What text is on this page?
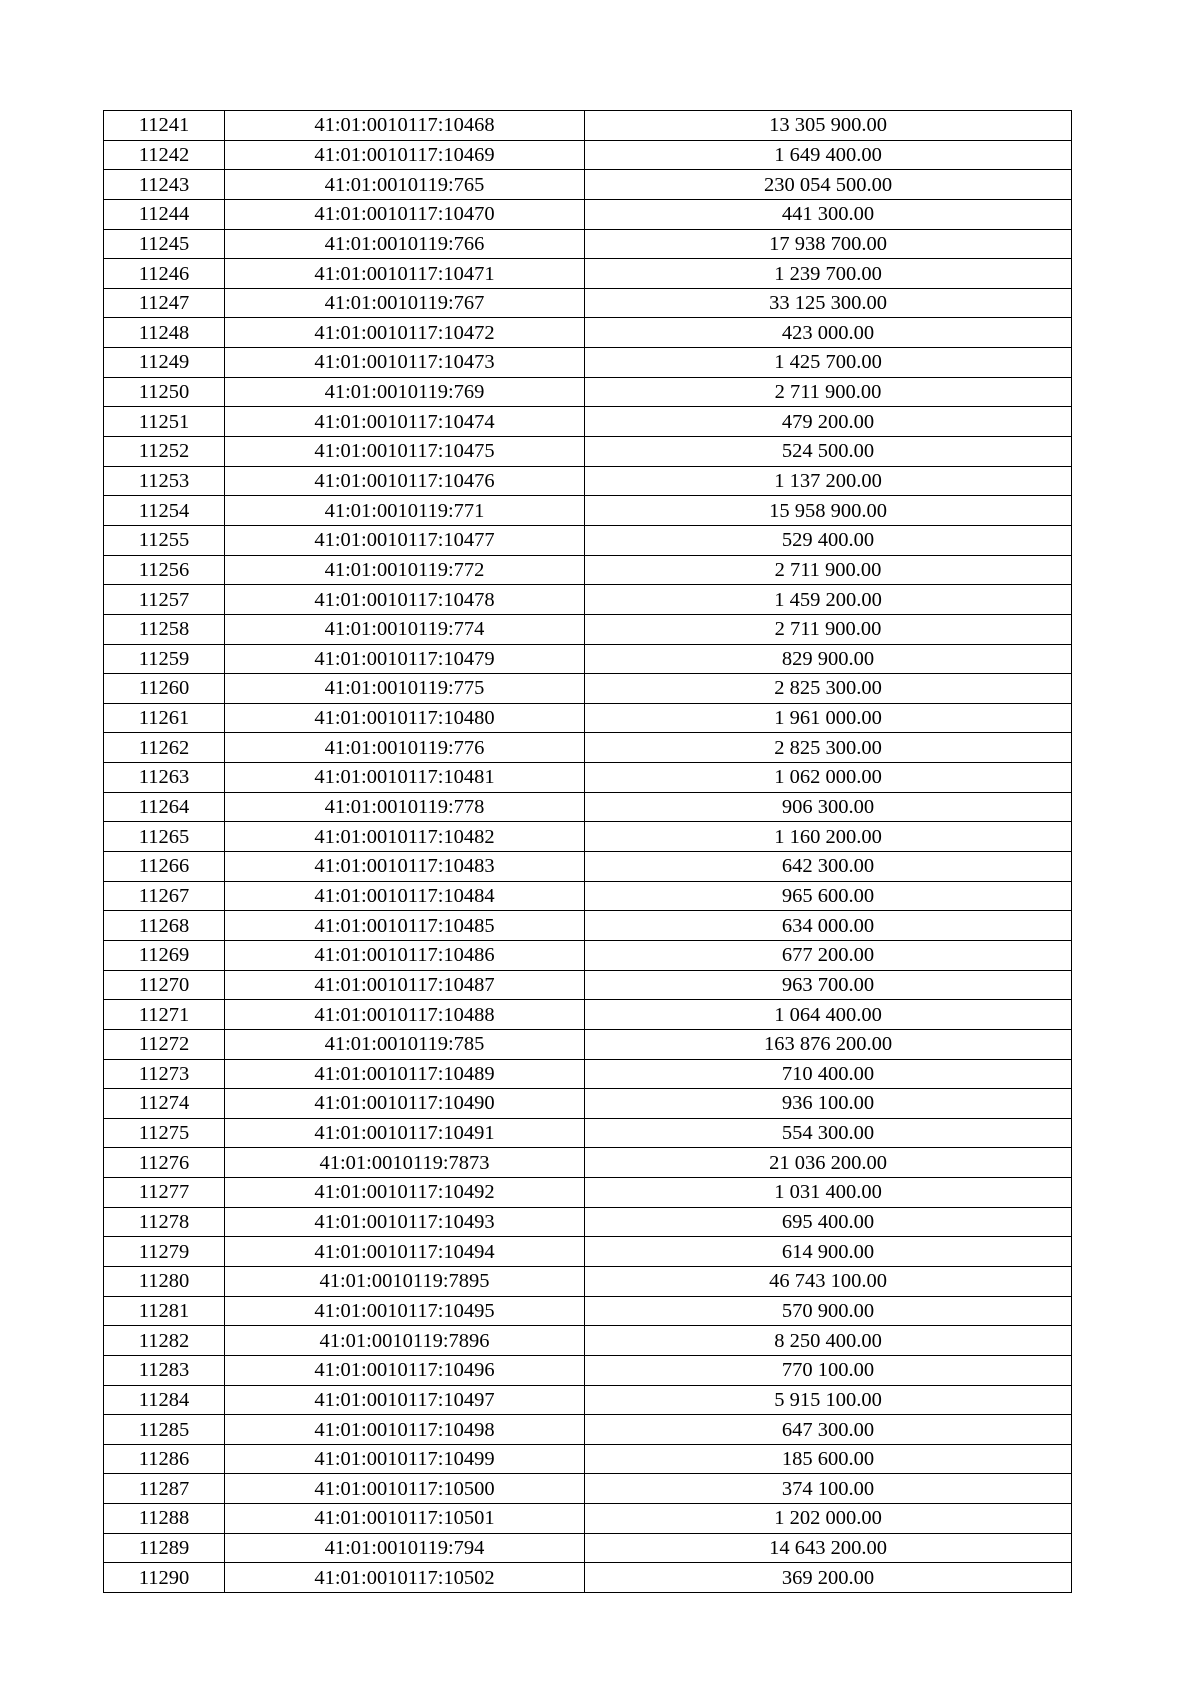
11241	41:01:0010117:10468	13 305 900.00
11242	41:01:0010117:10469	1 649 400.00
11243	41:01:0010119:765	230 054 500.00
11244	41:01:0010117:10470	441 300.00
11245	41:01:0010119:766	17 938 700.00
11246	41:01:0010117:10471	1 239 700.00
11247	41:01:0010119:767	33 125 300.00
11248	41:01:0010117:10472	423 000.00
11249	41:01:0010117:10473	1 425 700.00
11250	41:01:0010119:769	2 711 900.00
11251	41:01:0010117:10474	479 200.00
11252	41:01:0010117:10475	524 500.00
11253	41:01:0010117:10476	1 137 200.00
11254	41:01:0010119:771	15 958 900.00
11255	41:01:0010117:10477	529 400.00
11256	41:01:0010119:772	2 711 900.00
11257	41:01:0010117:10478	1 459 200.00
11258	41:01:0010119:774	2 711 900.00
11259	41:01:0010117:10479	829 900.00
11260	41:01:0010119:775	2 825 300.00
11261	41:01:0010117:10480	1 961 000.00
11262	41:01:0010119:776	2 825 300.00
11263	41:01:0010117:10481	1 062 000.00
11264	41:01:0010119:778	906 300.00
11265	41:01:0010117:10482	1 160 200.00
11266	41:01:0010117:10483	642 300.00
11267	41:01:0010117:10484	965 600.00
11268	41:01:0010117:10485	634 000.00
11269	41:01:0010117:10486	677 200.00
11270	41:01:0010117:10487	963 700.00
11271	41:01:0010117:10488	1 064 400.00
11272	41:01:0010119:785	163 876 200.00
11273	41:01:0010117:10489	710 400.00
11274	41:01:0010117:10490	936 100.00
11275	41:01:0010117:10491	554 300.00
11276	41:01:0010119:7873	21 036 200.00
11277	41:01:0010117:10492	1 031 400.00
11278	41:01:0010117:10493	695 400.00
11279	41:01:0010117:10494	614 900.00
11280	41:01:0010119:7895	46 743 100.00
11281	41:01:0010117:10495	570 900.00
11282	41:01:0010119:7896	8 250 400.00
11283	41:01:0010117:10496	770 100.00
11284	41:01:0010117:10497	5 915 100.00
11285	41:01:0010117:10498	647 300.00
11286	41:01:0010117:10499	185 600.00
11287	41:01:0010117:10500	374 100.00
11288	41:01:0010117:10501	1 202 000.00
11289	41:01:0010119:794	14 643 200.00
11290	41:01:0010117:10502	369 200.00
